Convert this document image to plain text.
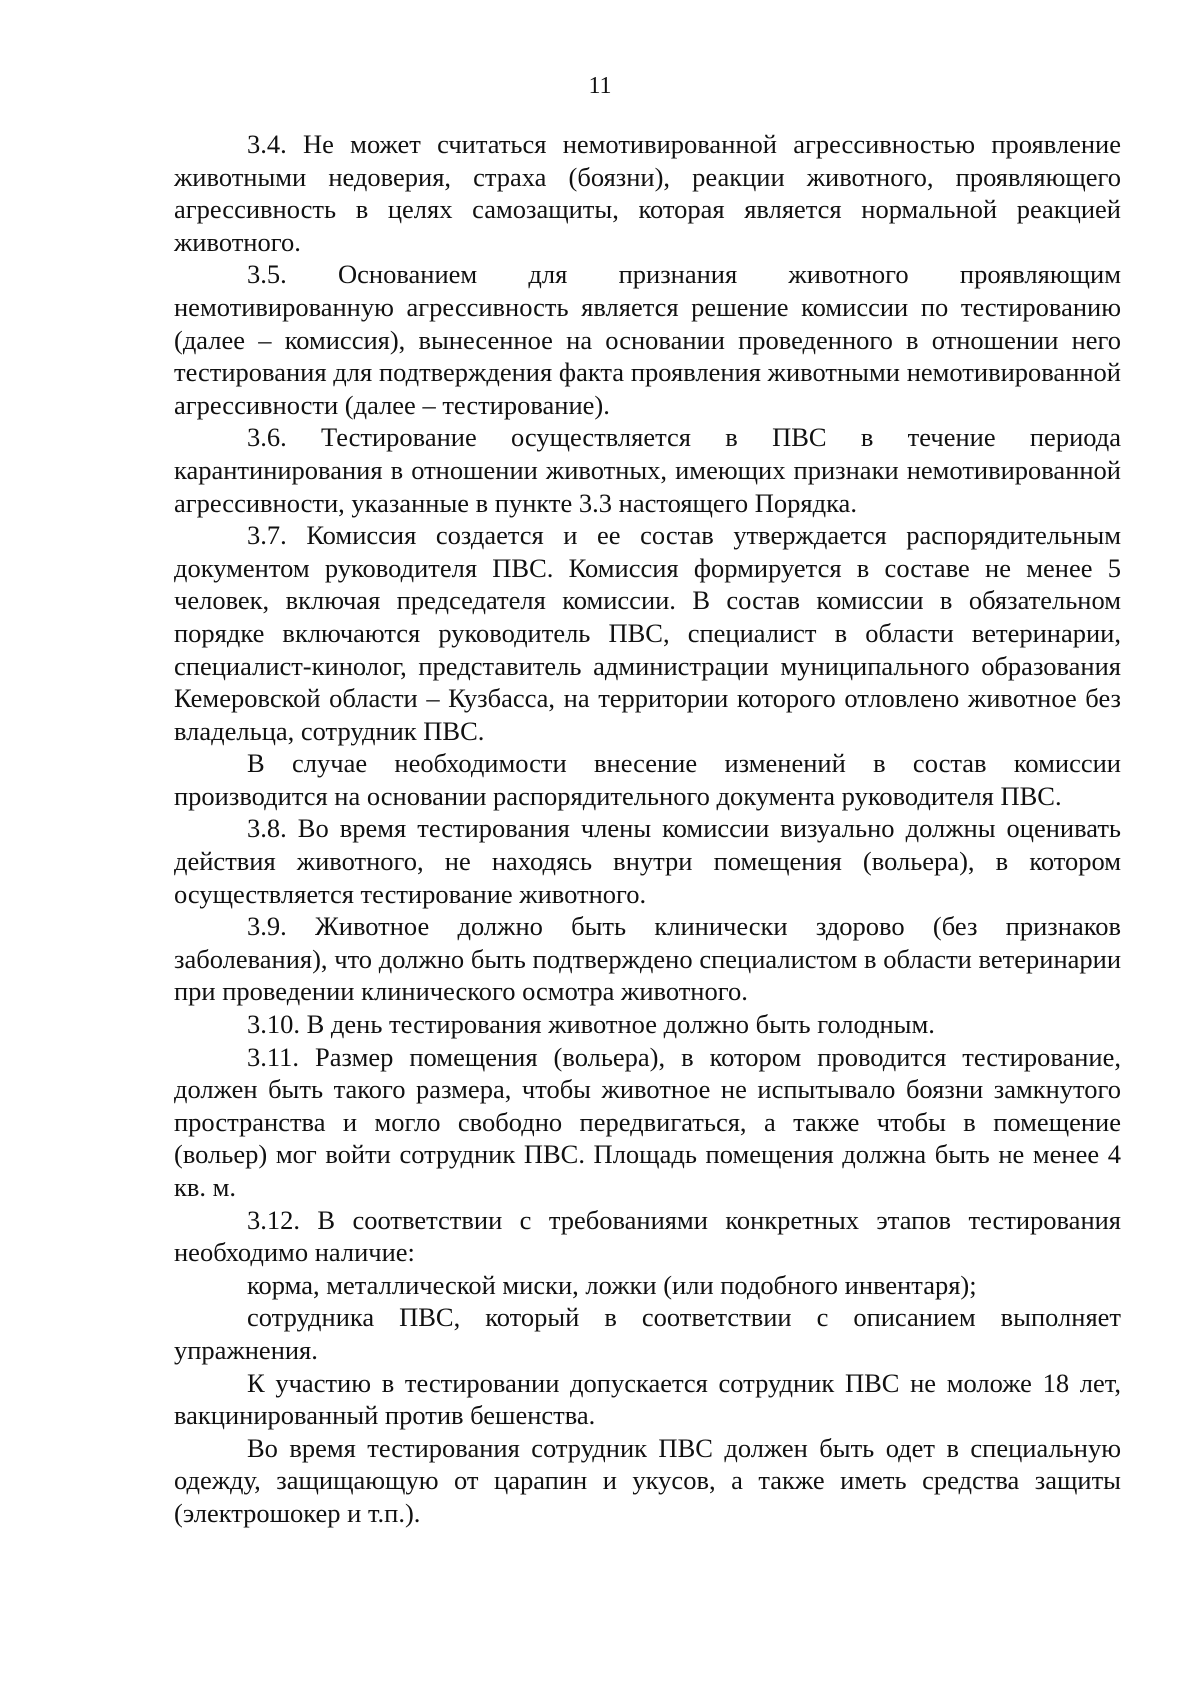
11

3.4. Не может считаться немотивированной агрессивностью проявление животными недоверия, страха (боязни), реакции животного, проявляющего агрессивность в целях самозащиты, которая является нормальной реакцией животного.

3.5. Основанием для признания животного проявляющим немотивированную агрессивность является решение комиссии по тестированию (далее – комиссия), вынесенное на основании проведенного в отношении него тестирования для подтверждения факта проявления животными немотивированной агрессивности (далее – тестирование).

3.6. Тестирование осуществляется в ПВС в течение периода карантинирования в отношении животных, имеющих признаки немотивированной агрессивности, указанные в пункте 3.3 настоящего Порядка.

3.7. Комиссия создается и ее состав утверждается распорядительным документом руководителя ПВС. Комиссия формируется в составе не менее 5 человек, включая председателя комиссии. В состав комиссии в обязательном порядке включаются руководитель ПВС, специалист в области ветеринарии, специалист-кинолог, представитель администрации муниципального образования Кемеровской области – Кузбасса, на территории которого отловлено животное без владельца, сотрудник ПВС.

В случае необходимости внесение изменений в состав комиссии производится на основании распорядительного документа руководителя ПВС.

3.8. Во время тестирования члены комиссии визуально должны оценивать действия животного, не находясь внутри помещения (вольера), в котором осуществляется тестирование животного.

3.9. Животное должно быть клинически здорово (без признаков заболевания), что должно быть подтверждено специалистом в области ветеринарии при проведении клинического осмотра животного.

3.10. В день тестирования животное должно быть голодным.

3.11. Размер помещения (вольера), в котором проводится тестирование, должен быть такого размера, чтобы животное не испытывало боязни замкнутого пространства и могло свободно передвигаться, а также чтобы в помещение (вольер) мог войти сотрудник ПВС. Площадь помещения должна быть не менее 4 кв. м.

3.12. В соответствии с требованиями конкретных этапов тестирования необходимо наличие:

корма, металлической миски, ложки (или подобного инвентаря);

сотрудника ПВС, который в соответствии с описанием выполняет упражнения.

К участию в тестировании допускается сотрудник ПВС не моложе 18 лет, вакцинированный против бешенства.

Во время тестирования сотрудник ПВС должен быть одет в специальную одежду, защищающую от царапин и укусов, а также иметь средства защиты (электрошокер и т.п.).
